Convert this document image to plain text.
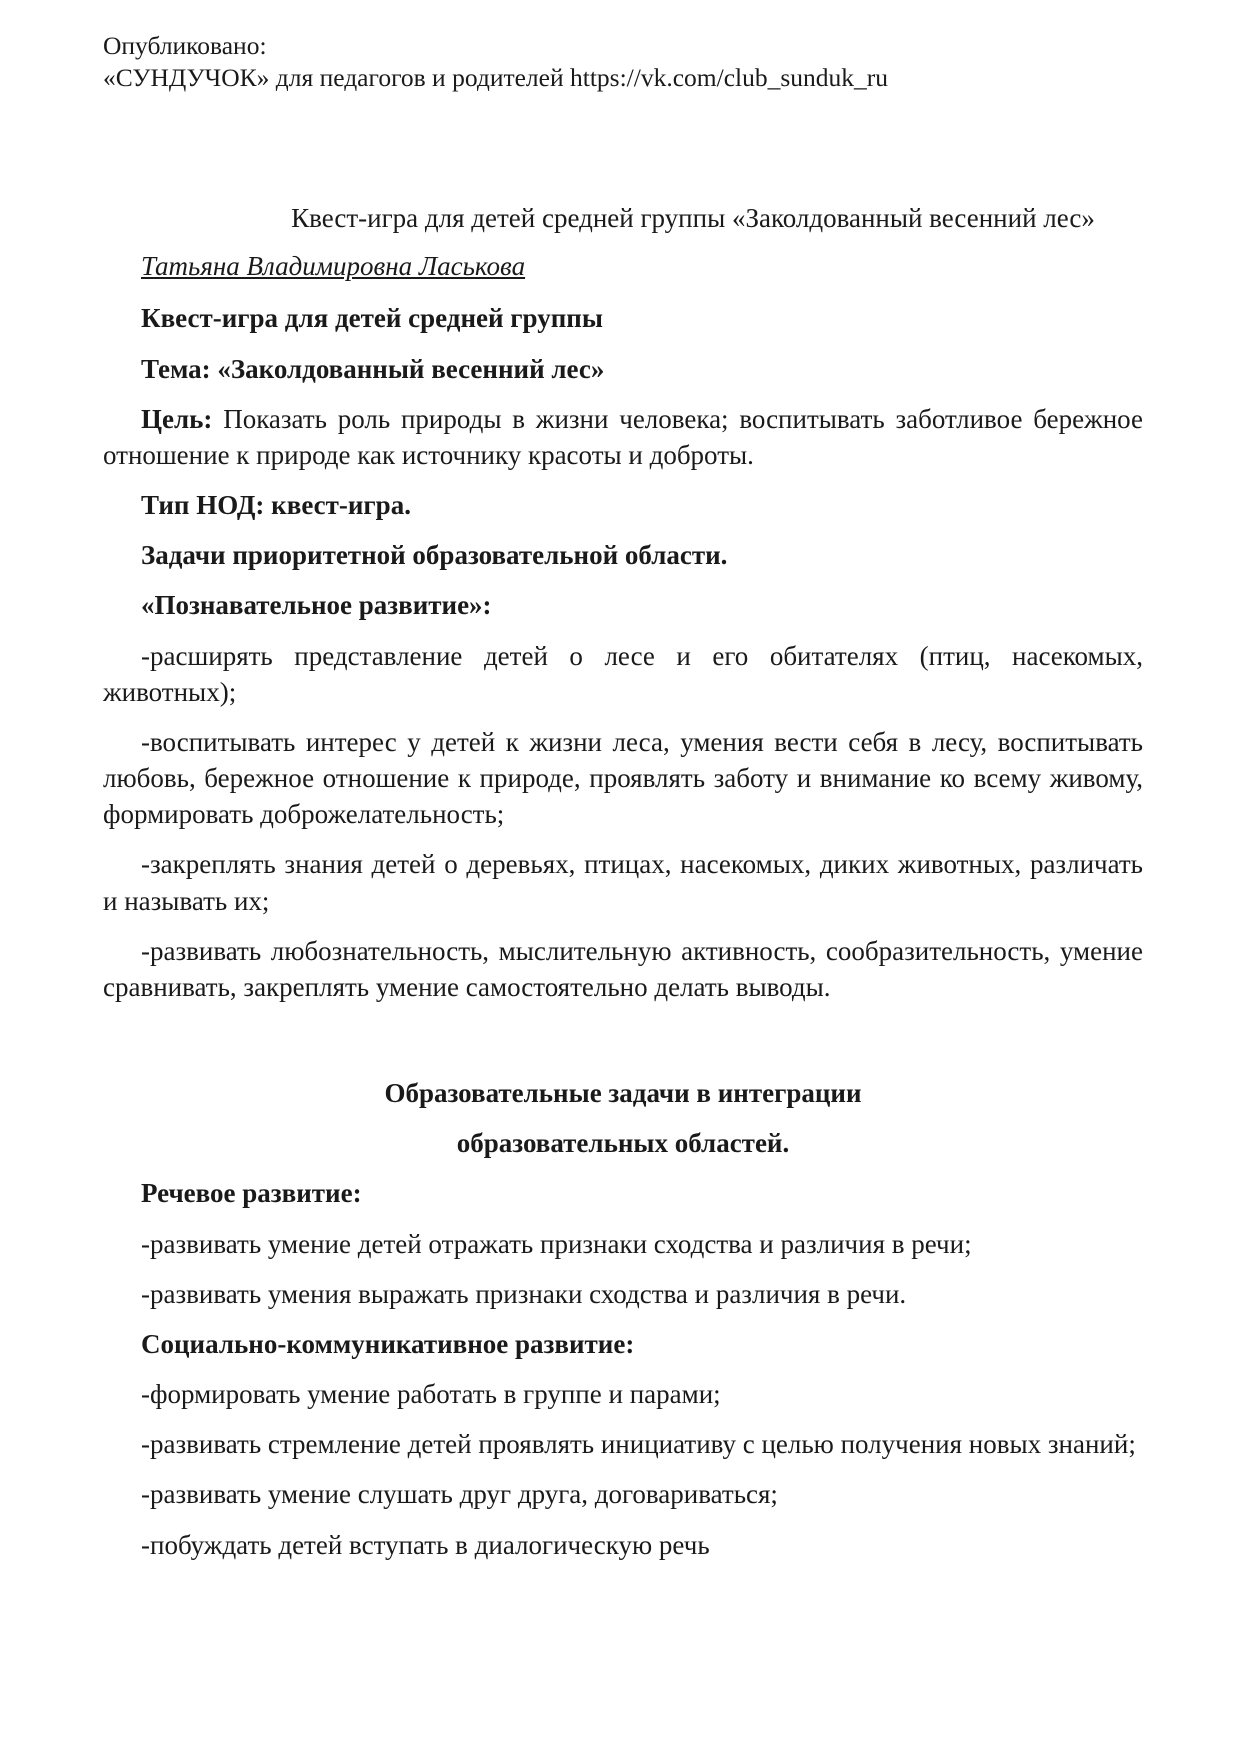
Опубликовано:
«СУНДУЧОК» для педагогов и родителей https://vk.com/club_sunduk_ru
Квест-игра для детей средней группы «Заколдованный весенний лес»

Татьяна Владимировна Ласькова

Квест-игра для детей средней группы

Тема: «Заколдованный весенний лес»

Цель: Показать роль природы в жизни человека; воспитывать заботливое бережное отношение к природе как источнику красоты и доброты.

Тип НОД: квест-игра.

Задачи приоритетной образовательной области.

«Познавательное развитие»:

-расширять представление детей о лесе и его обитателях (птиц, насекомых, животных);

-воспитывать интерес у детей к жизни леса, умения вести себя в лесу, воспитывать любовь, бережное отношение к природе, проявлять заботу и внимание ко всему живому, формировать доброжелательность;

-закреплять знания детей о деревьях, птицах, насекомых, диких животных, различать и называть их;

-развивать любознательность, мыслительную активность, сообразительность, умение сравнивать, закреплять умение самостоятельно делать выводы.

Образовательные задачи в интеграции

образовательных областей.

Речевое развитие:

-развивать умение детей отражать признаки сходства и различия в речи;

-развивать умения выражать признаки сходства и различия в речи.

Социально-коммуникативное развитие:

-формировать умение работать в группе и парами;

-развивать стремление детей проявлять инициативу с целью получения новых знаний;

-развивать умение слушать друг друга, договариваться;

-побуждать детей вступать в диалогическую речь
